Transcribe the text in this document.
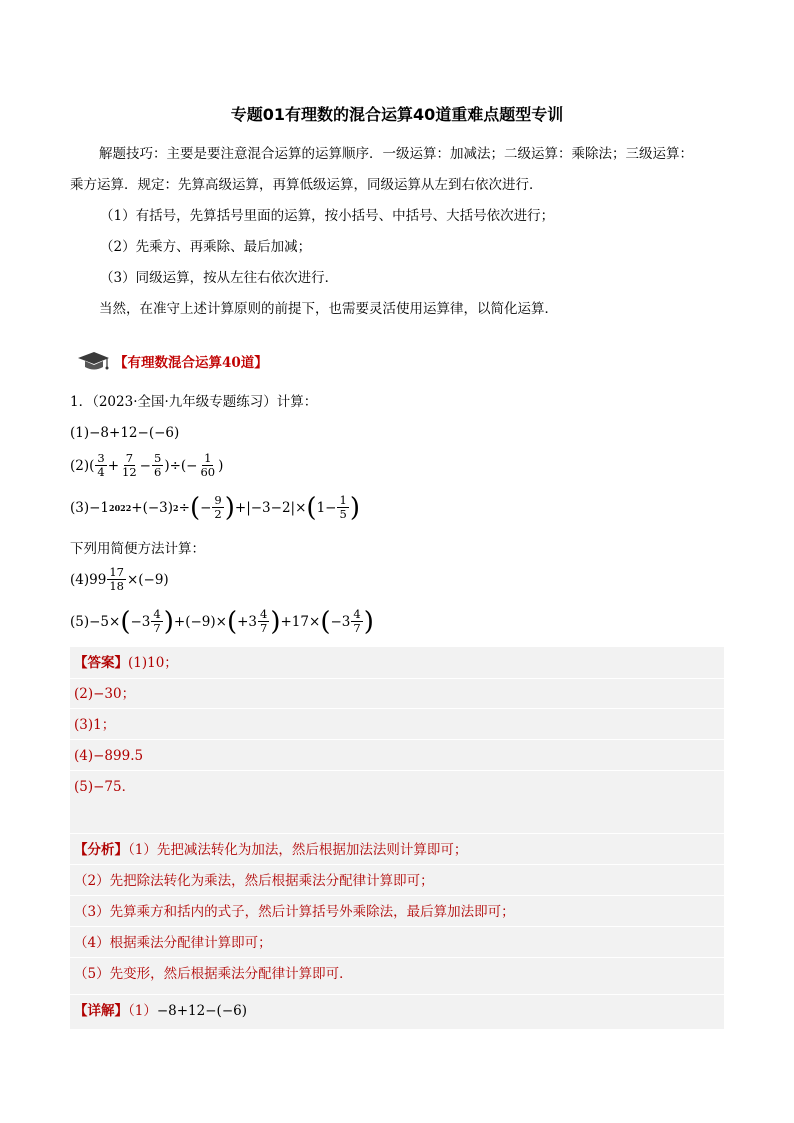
专题01有理数的混合运算40道重难点题型专训
解题技巧：主要是要注意混合运算的运算顺序．一级运算：加减法；二级运算：乘除法；三级运算：
乘方运算．规定：先算高级运算，再算低级运算，同级运算从左到右依次进行．
（1）有括号，先算括号里面的运算，按小括号、中括号、大括号依次进行；
（2）先乘方、再乘除、最后加减；
（3）同级运算，按从左往右依次进行．
当然，在准守上述计算原则的前提下，也需要灵活使用运算律，以简化运算．
【有理数混合运算40道】
1．（2023·全国·九年级专题练习）计算：
(1)−8+12−(−6)
$(2)( \frac{3}{4} + \frac{7}{12} - \frac{5}{6}$ )÷(− $\frac{1}{60}$ )
(3)−1 2022 +(−3) 2 ÷ ( − $\frac{9}{2}$ ) +|−3−2|× ( $1- \frac{1}{5}$ )
下列用简便方法计算：
$(4)99 \frac{17}{18} \times(-9)$
(5)−5× ( $-3 \frac{4}{7}$ ) +(−9)× ( $+3 \frac{4}{7}$ ) +17× ( $-3 \frac{4}{7}$ )
【答案】(1)10；
(2)−30；
(3)1；
(4)−899.5
(5)−75．
【分析】（1）先把减法转化为加法，然后根据加法法则计算即可；
（2）先把除法转化为乘法，然后根据乘法分配律计算即可；
（3）先算乘方和括内的式子，然后计算括号外乘除法，最后算加法即可；
（4）根据乘法分配律计算即可；
（5）先变形，然后根据乘法分配律计算即可．
【详解】（1）−8+12−(−6)
